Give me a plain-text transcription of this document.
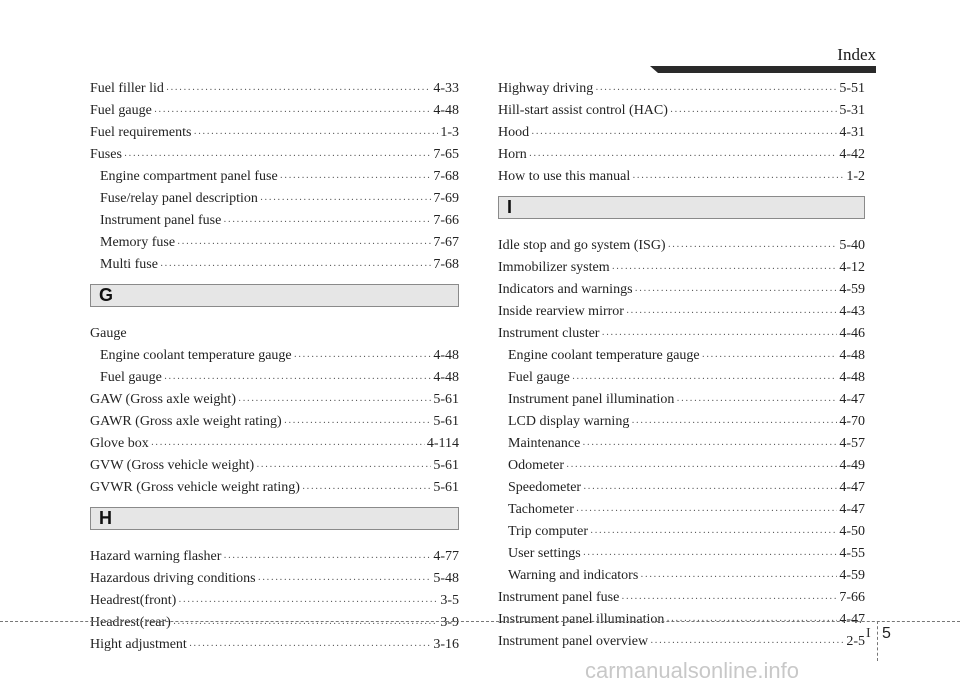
Index
Fuel filler lid ·····	4-33
Fuel gauge ·····	4-48
Fuel requirements ·····	1-3
Fuses ·····	7-65
Engine compartment panel fuse ·····	7-68
Fuse/relay panel description ·····	7-69
Instrument panel fuse ·····	7-66
Memory fuse ·····	7-67
Multi fuse ·····	7-68
G
Gauge
Engine coolant temperature gauge ·····	4-48
Fuel gauge ·····	4-48
GAW (Gross axle weight) ·····	5-61
GAWR (Gross axle weight rating) ·····	5-61
Glove box ·····	4-114
GVW (Gross vehicle weight) ·····	5-61
GVWR (Gross vehicle weight rating) ·····	5-61
H
Hazard warning flasher ·····	4-77
Hazardous driving conditions ·····	5-48
Headrest(front) ·····	3-5
Headrest(rear) ·····	3-9
Hight adjustment ·····	3-16
Highway driving ·····	5-51
Hill-start assist control (HAC) ·····	5-31
Hood ·····	4-31
Horn ·····	4-42
How to use this manual ·····	1-2
I
Idle stop and go system (ISG) ·····	5-40
Immobilizer system ·····	4-12
Indicators and warnings ·····	4-59
Inside rearview mirror ·····	4-43
Instrument cluster ·····	4-46
Engine coolant temperature gauge ·····	4-48
Fuel gauge ·····	4-48
Instrument panel illumination ·····	4-47
LCD display warning ·····	4-70
Maintenance ·····	4-57
Odometer ·····	4-49
Speedometer ·····	4-47
Tachometer ·····	4-47
Trip computer ·····	4-50
User settings ·····	4-55
Warning and indicators ·····	4-59
Instrument panel fuse ·····	7-66
Instrument panel illumination ·····	4-47
Instrument panel overview ·····	2-5
I 5
carmanualsonline.info
